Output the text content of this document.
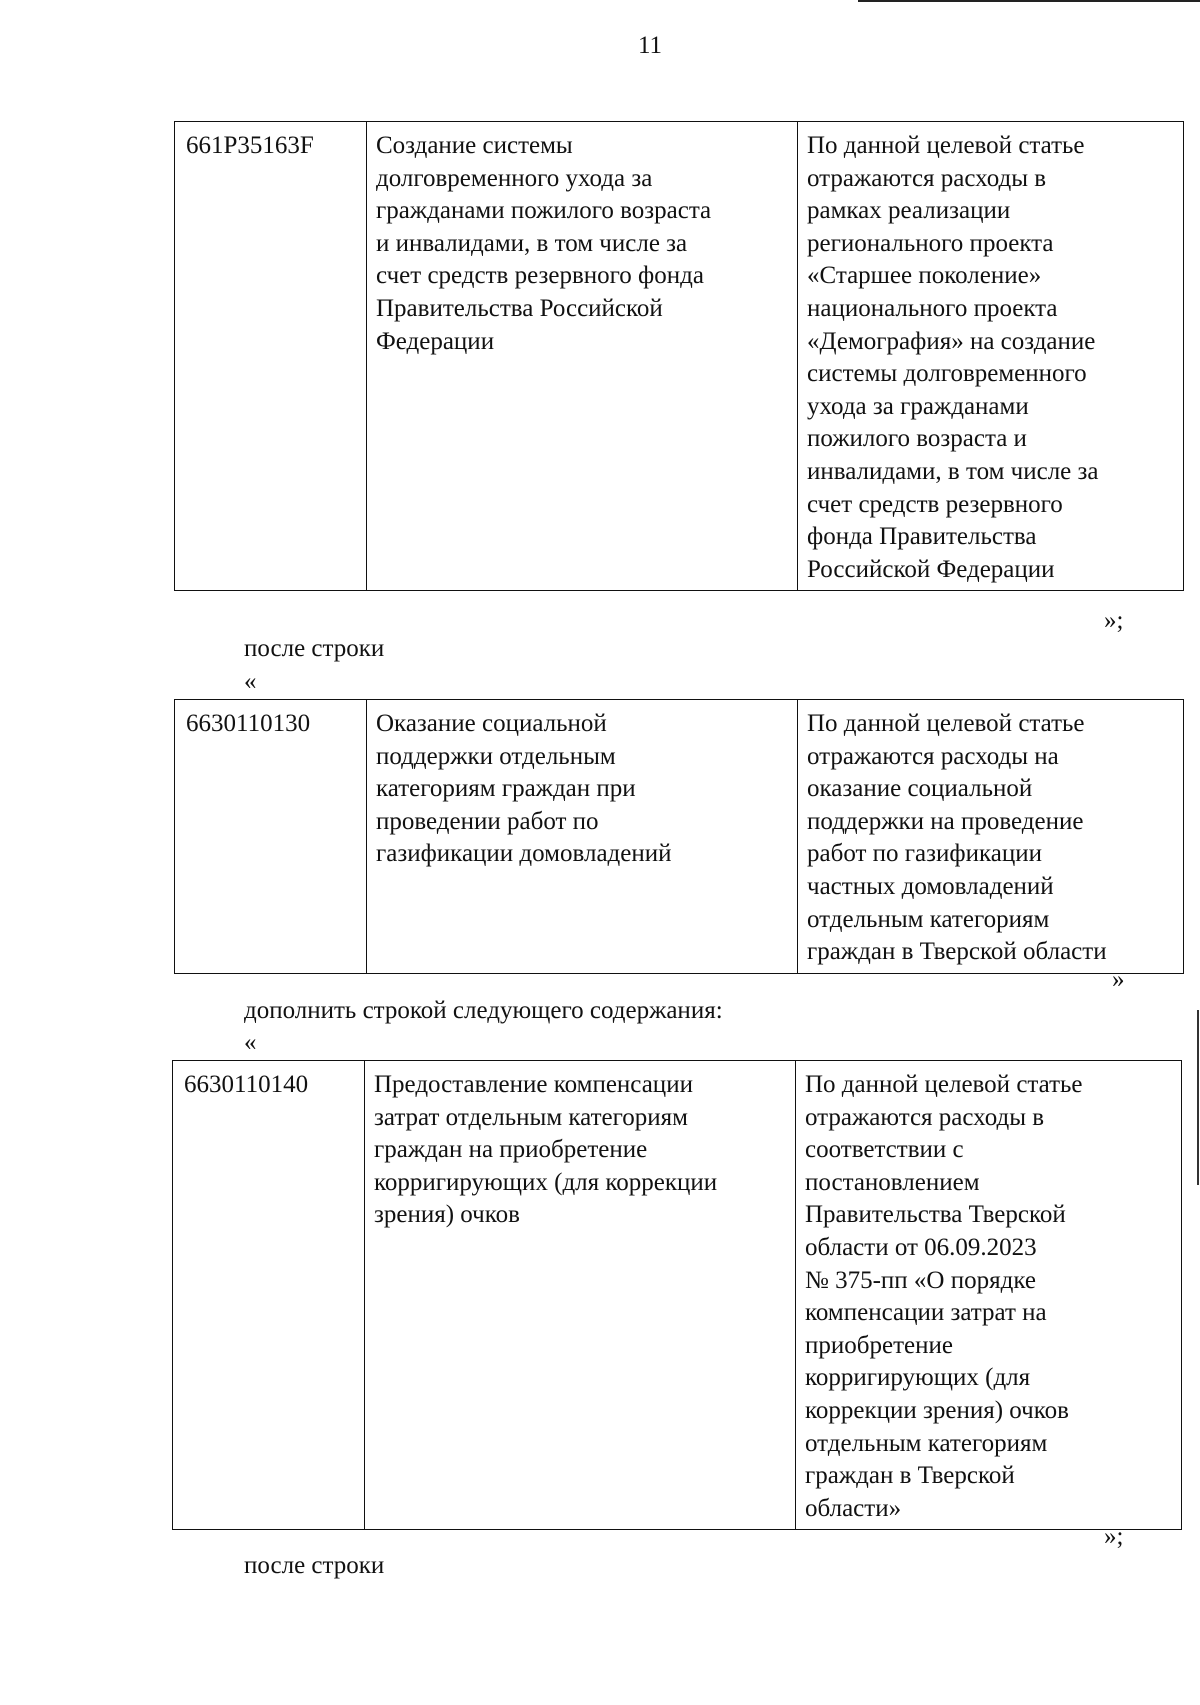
11
661P35163F	Создание системы
долговременного ухода за
гражданами пожилого возраста
и инвалидами, в том числе за
счет средств резервного фонда
Правительства Российской
Федерации	По данной целевой статье
отражаются расходы в
рамках реализации
регионального проекта
«Старшее поколение»
национального проекта
«Демография» на создание
системы долговременного
ухода за гражданами
пожилого возраста и
инвалидами, в том числе за
счет средств резервного
фонда Правительства
Российской Федерации
»;
после строки
«
6630110130	Оказание социальной
поддержки отдельным
категориям граждан при
проведении работ по
газификации домовладений	По данной целевой статье
отражаются расходы на
оказание социальной
поддержки на проведение
работ по газификации
частных домовладений
отдельным категориям
граждан в Тверской области
»
дополнить строкой следующего содержания:
«
6630110140	Предоставление компенсации
затрат отдельным категориям
граждан на приобретение
корригирующих (для коррекции
зрения) очков	По данной целевой статье
отражаются расходы в
соответствии с
постановлением
Правительства Тверской
области от 06.09.2023
№ 375-пп «О порядке
компенсации затрат на
приобретение
корригирующих (для
коррекции зрения) очков
отдельным категориям
граждан в Тверской
области»
»;
после строки
